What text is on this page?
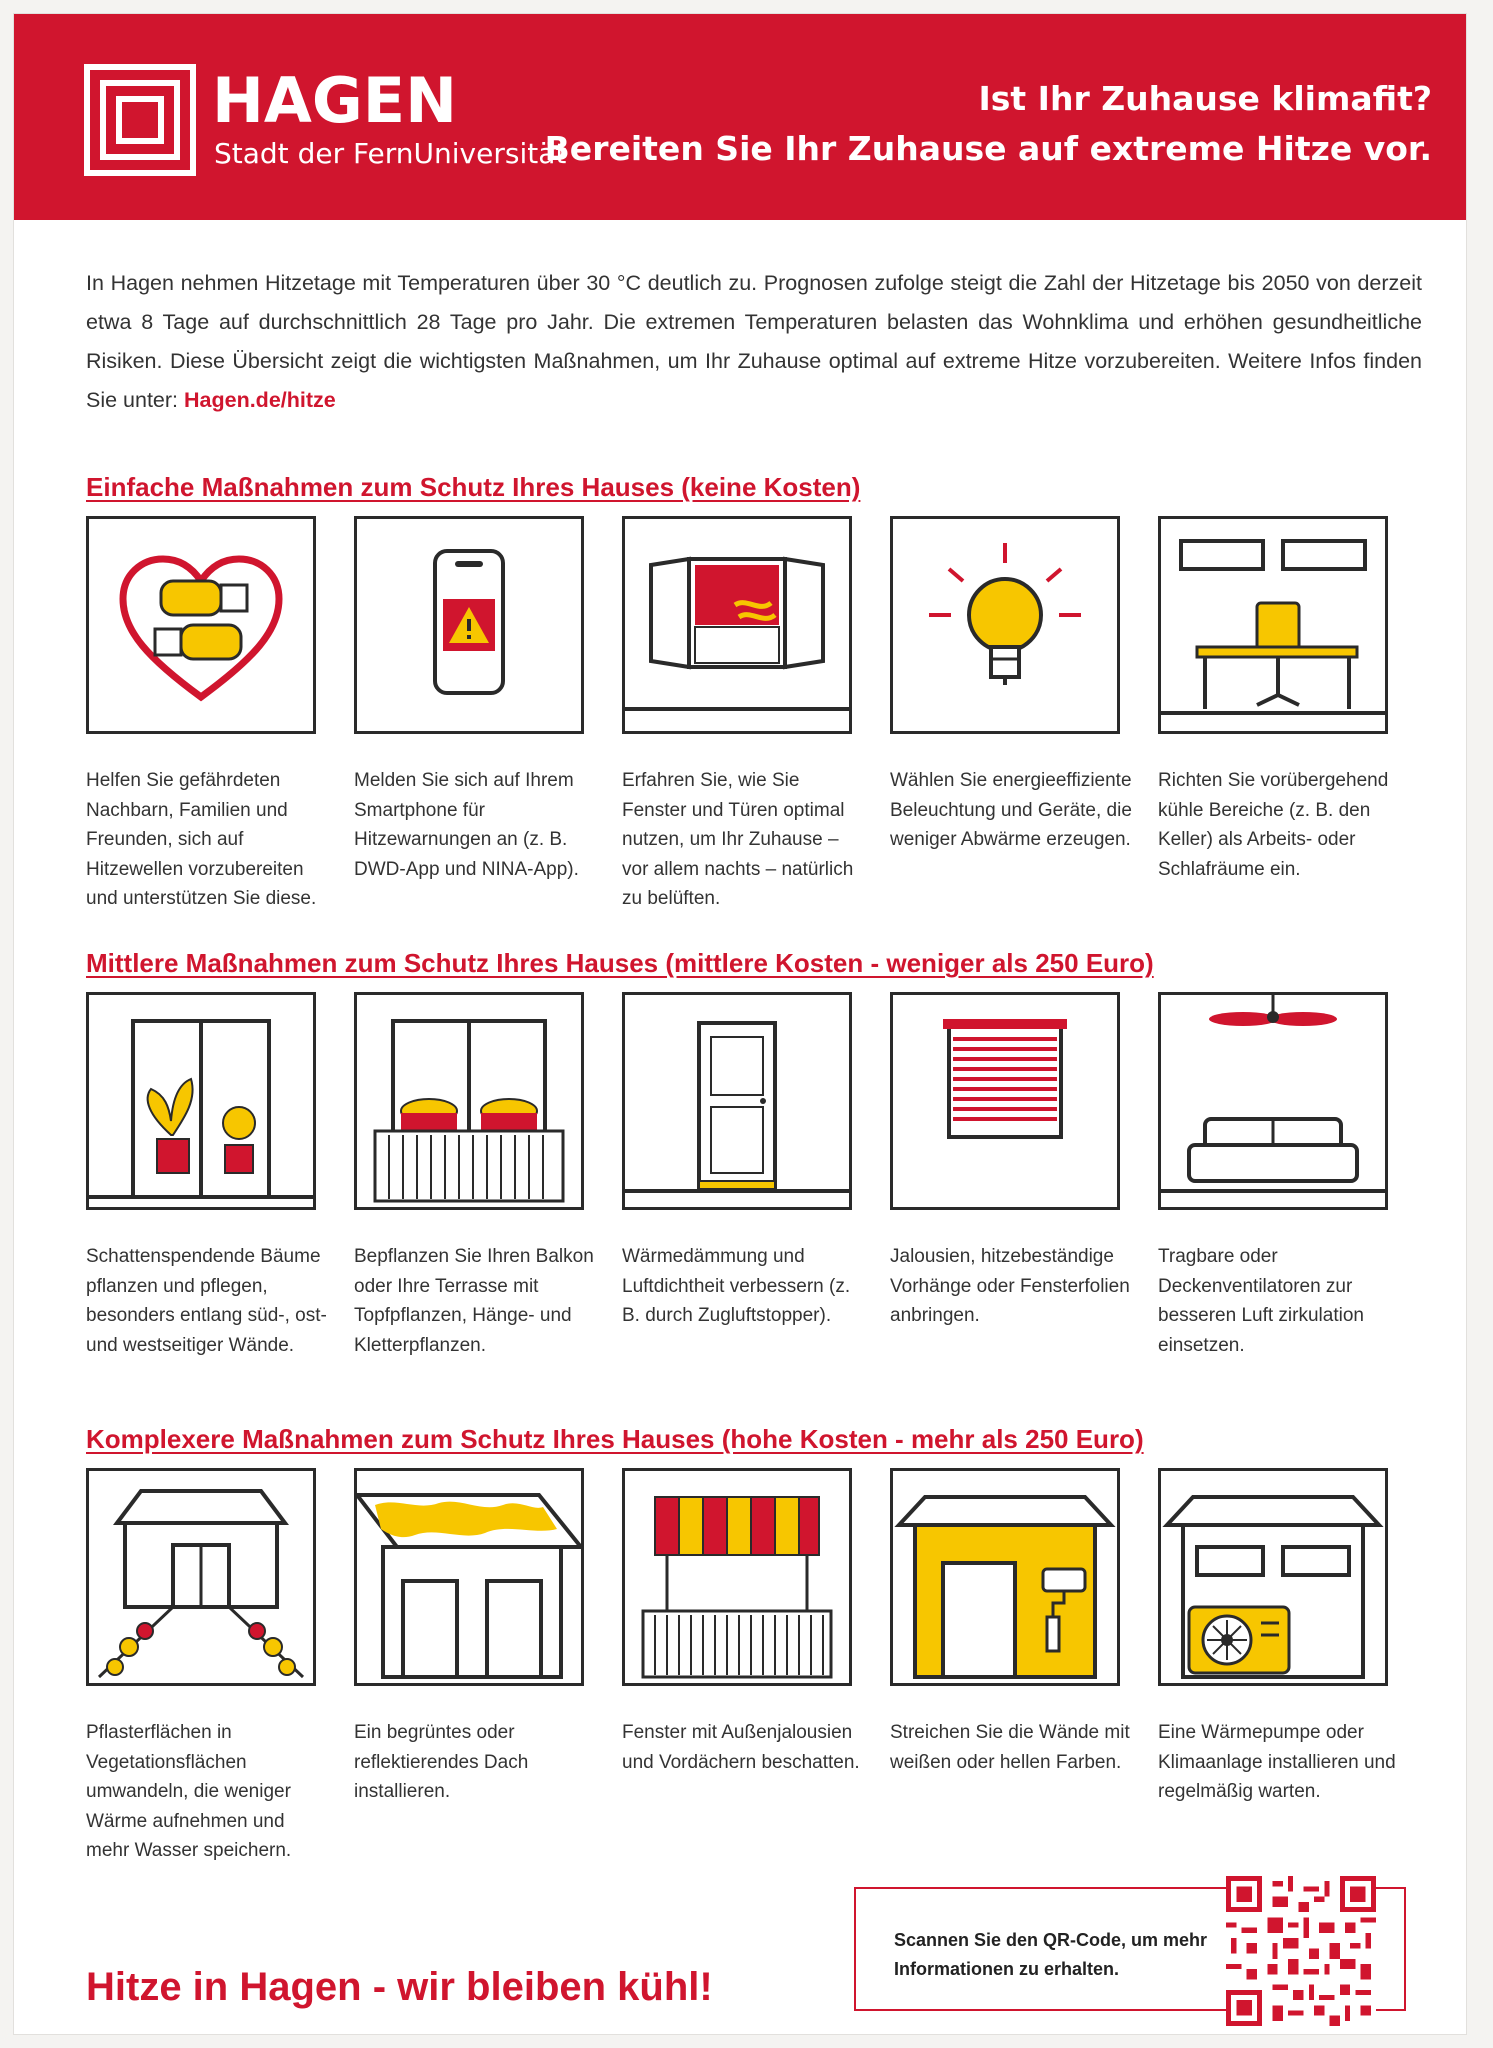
HAGEN
Stadt der FernUniversität
Ist Ihr Zuhause klimafit?
Bereiten Sie Ihr Zuhause auf extreme Hitze vor.
In Hagen nehmen Hitzetage mit Temperaturen über 30 °C deutlich zu. Prognosen zufolge steigt die Zahl der Hitzetage bis 2050 von derzeit etwa 8 Tage auf durchschnittlich 28 Tage pro Jahr. Die extremen Temperaturen belasten das Wohnklima und erhöhen gesundheitliche Risiken. Diese Übersicht zeigt die wichtigsten Maßnahmen, um Ihr Zuhause optimal auf extreme Hitze vorzubereiten. Weitere Infos finden Sie unter: Hagen.de/hitze
Einfache Maßnahmen zum Schutz Ihres Hauses (keine Kosten)
Helfen Sie gefährdeten Nachbarn, Familien und Freunden, sich auf Hitzewellen vorzubereiten und unterstützen Sie diese.
Melden Sie sich auf Ihrem Smartphone für Hitzewarnungen an (z. B. DWD-App und NINA-App).
Erfahren Sie, wie Sie Fenster und Türen optimal nutzen, um Ihr Zuhause – vor allem nachts – natürlich zu belüften.
Wählen Sie energieeffiziente Beleuchtung und Geräte, die weniger Abwärme erzeugen.
Richten Sie vorübergehend kühle Bereiche (z. B. den Keller) als Arbeits- oder Schlafräume ein.
Mittlere Maßnahmen zum Schutz Ihres Hauses (mittlere Kosten - weniger als 250 Euro)
Schattenspendende Bäume pflanzen und pflegen, besonders entlang süd-, ost- und westseitiger Wände.
Bepflanzen Sie Ihren Balkon oder Ihre Terrasse mit Topfpflanzen, Hänge- und Kletterpflanzen.
Wärmedämmung und Luftdichtheit verbessern (z. B. durch Zugluftstopper).
Jalousien, hitzebeständige Vorhänge oder Fensterfolien anbringen.
Tragbare oder Deckenventilatoren zur besseren Luft zirkulation einsetzen.
Komplexere Maßnahmen zum Schutz Ihres Hauses (hohe Kosten - mehr als 250 Euro)
Pflasterflächen in Vegetationsflächen umwandeln, die weniger Wärme aufnehmen und mehr Wasser speichern.
Ein begrüntes oder reflektierendes Dach installieren.
Fenster mit Außenjalousien und Vordächern beschatten.
Streichen Sie die Wände mit weißen oder hellen Farben.
Eine Wärmepumpe oder Klimaanlage installieren und regelmäßig warten.
Hitze in Hagen - wir bleiben kühl!
Scannen Sie den QR-Code, um mehr Informationen zu erhalten.
